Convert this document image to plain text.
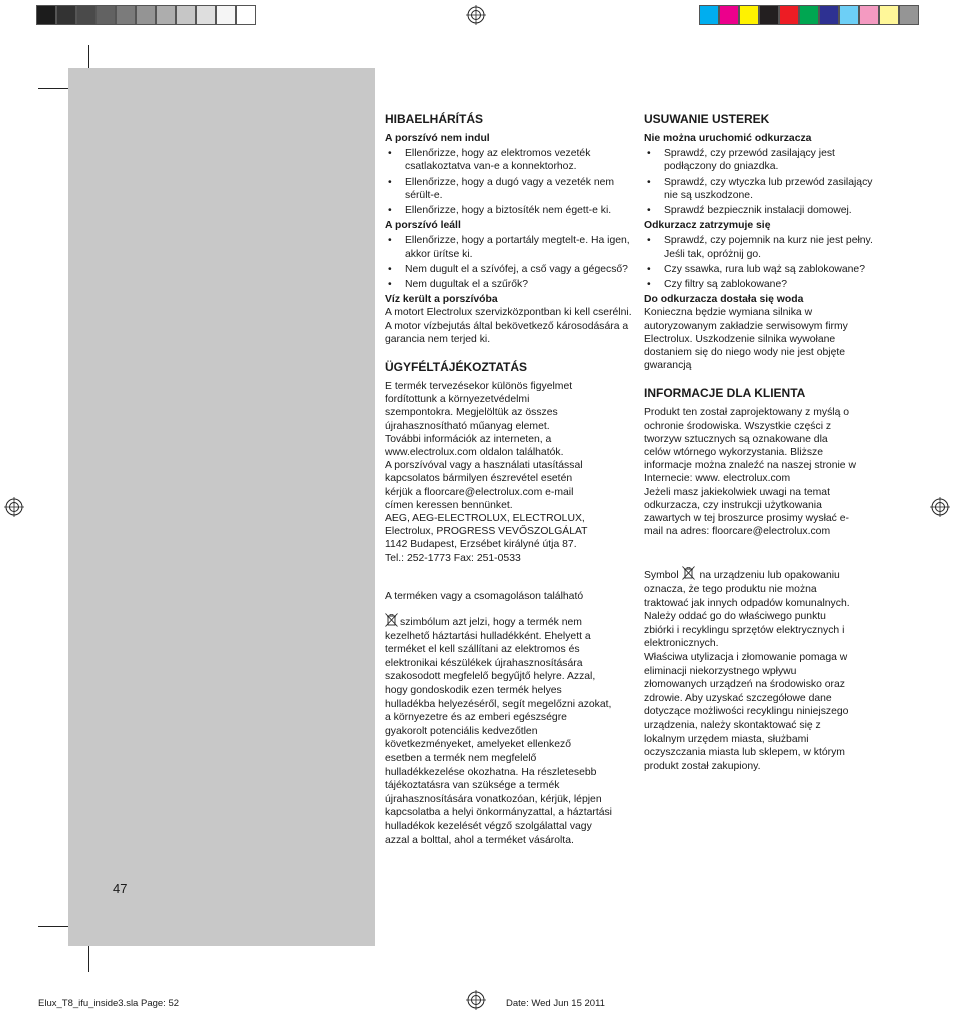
47
HIBAELHÁRÍTÁS
A porszívó nem indul
• Ellenőrizze, hogy az elektromos vezeték csatlakoztatva van-e a konnektorhoz.
• Ellenőrizze, hogy a dugó vagy a vezeték nem sérült-e.
• Ellenőrizze, hogy a biztosíték nem égett-e ki.
A porszívó leáll
• Ellenőrizze, hogy a portartály megtelt-e. Ha igen, akkor ürítse ki.
• Nem dugult el a szívófej, a cső vagy a gégecső?
• Nem dugultak el a szűrők?
Víz került a porszívóba

A motort Electrolux szervizközpontban ki kell cserélni. A motor vízbejutás által bekövetkező károsodására a garancia nem terjed ki.

ÜGYFÉLTÁJÉKOZTATÁS

E termék tervezésekor különös figyelmet
fordítottunk a környezetvédelmi
szempontokra. Megjelöltük az összes
újrahasznosítható műanyag elemet.
További információk az interneten, a
www.electrolux.com oldalon találhatók.
A porszívóval vagy a használati utasítással
kapcsolatos bármilyen észrevétel esetén
kérjük a floorcare@electrolux.com e-mail
címen keressen bennünket.
AEG, AEG-ELECTROLUX, ELECTROLUX,
Electrolux, PROGRESS VEVŐSZOLGÁLAT
1142 Budapest, Erzsébet királyné útja 87.
Tel.: 252-1773 Fax: 251-0533

A terméken vagy a csomagoláson található

szimbólum azt jelzi, hogy a termék nem
kezelhető háztartási hulladékként. Ehelyett a
terméket el kell szállítani az elektromos és
elektronikai készülékek újrahasznosítására
szakosodott megfelelő begyűjtő helyre. Azzal,
hogy gondoskodik ezen termék helyes
hulladékba helyezéséről, segít megelőzni azokat,
a környezetre és az emberi egészségre
gyakorolt potenciális kedvezőtlen
következményeket, amelyeket ellenkező
esetben a termék nem megfelelő
hulladékkezelése okozhatna. Ha részletesebb
tájékoztatásra van szüksége a termék
újrahasznosítására vonatkozóan, kérjük, lépjen
kapcsolatba a helyi önkormányzattal, a háztartási
hulladékok kezelését végző szolgálattal vagy
azzal a bolttal, ahol a terméket vásárolta.

USUWANIE USTEREK
Nie można uruchomić odkurzacza
• Sprawdź, czy przewód zasilający jest podłączony do gniazdka.
• Sprawdź, czy wtyczka lub przewód zasilający nie są uszkodzone.
• Sprawdź bezpiecznik instalacji domowej.
Odkurzacz zatrzymuje się
• Sprawdź, czy pojemnik na kurz nie jest pełny. Jeśli tak, opróżnij go.
• Czy ssawka, rura lub wąż są zablokowane?
• Czy filtry są zablokowane?
Do odkurzacza dostała się woda

Konieczna będzie wymiana silnika w
autoryzowanym zakładzie serwisowym firmy
Electrolux. Uszkodzenie silnika wywołane
dostaniem się do niego wody nie jest objęte
gwarancją

INFORMACJE DLA KLIENTA

Produkt ten został zaprojektowany z myślą o
ochronie środowiska. Wszystkie części z
tworzyw sztucznych są oznakowane dla
celów wtórnego wykorzystania. Bliższe
informacje można znaleźć na naszej stronie w
Internecie: www. electrolux.com
Jeżeli masz jakiekolwiek uwagi na temat
odkurzacza, czy instrukcji użytkowania
zawartych w tej broszurce prosimy wysłać e-
mail na adres: floorcare@electrolux.com

Symbol na urządzeniu lub opakowaniu

oznacza, że tego produktu nie można
traktować jak innych odpadów komunalnych.
Należy oddać go do właściwego punktu
zbiórki i recyklingu sprzętów elektrycznych i
elektronicznych.
Właściwa utylizacja i złomowanie pomaga w
eliminacji niekorzystnego wpływu
złomowanych urządzeń na środowisko oraz
zdrowie. Aby uzyskać szczegółowe dane
dotyczące możliwości recyklingu niniejszego
urządzenia, należy skontaktować się z
lokalnym urzędem miasta, służbami
oczyszczania miasta lub sklepem, w którym
produkt został zakupiony.

Elux_T8_ifu_inside3.sla Page: 52	Date: Wed Jun 15 2011
